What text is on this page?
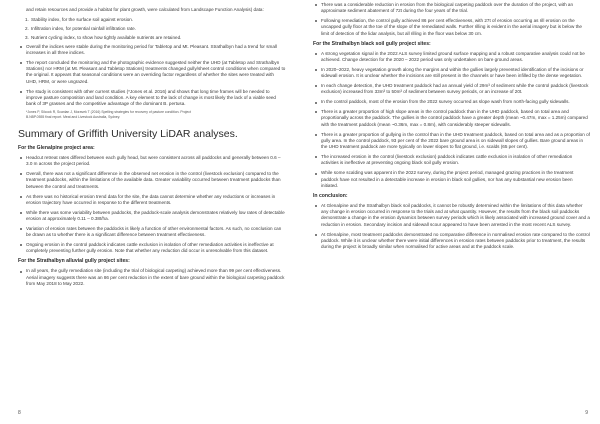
and retain resources and provide a habitat for plant growth, were calculated from Landscape Function Analysis) data:

1. Stability index, for the surface soil against erosion.
2. Infiltration index, for potential rainfall infiltration rate.
3. Nutrient cycling index, to show how tightly available nutrients are retained.
Overall the indices were stable during the monitoring period for Tabletop and Mt. Pleasant. Strathalbyn had a trend for small increases in all three indices.
The report concluded the monitoring and the photographic evidence suggested neither the UHD (at Tabletop and Strathalbyn Stations) nor HRM (at Mt. Pleasant and Tabletop Stations) treatments changed gully/sheet control conditions when compared to the original. It appears that seasonal conditions were an overriding factor regardless of whether the sites were treated with UHD, HRM, or were ungrazed.
The study is consistent with other current studies (*Jones et al. 2016) and shows that long time frames will be needed to improve pasture composition and land condition. A key element to the lack of change is most likely the lack of a viable seed bank of 3P grasses and the competitive advantage of the dominant B. pertusa.
*Jones P, Silcock R, Scanlan J, Moravek T (2016) Spelling strategies for recovery of pasture condition. Project
B.NBP.0555 final report. Meat and Livestock Australia, Sydney.
Summary of Griffith University LiDAR analyses.
For the Glenalpine project area:
Headcut retreat rates differed between each gully head, but were consistent across all paddocks and generally between 0.6 – 3.0 m across the project period.
Overall, there was not a significant difference in the observed net erosion in the control (livestock exclusion) compared to the treatment paddocks, within the limitations of the available data. Greater variability occurred between treatment paddocks than between the control and treatments.
As there was no historical erosion trend data for the site, the data cannot determine whether any reductions or increases in erosion trajectory have occurred in response to the different treatments.
While there was some variability between paddocks, the paddock-scale analysis demonstrates relatively low rates of detectable erosion at approximately 0.11 – 0.38t/ha.
Variation of erosion rates between the paddocks is likely a function of other environmental factors. As such, no conclusion can be drawn as to whether there is a significant difference between treatment effectiveness.
Ongoing erosion in the control paddock indicates cattle exclusion in isolation of other remediation activities is ineffective at completely preventing further gully erosion. Note that whether any reduction did occur is unresolvable from this dataset.
For the Strathalbyn alluvial gully project sites:
In all years, the gully remediation site (including the trial of biological carpeting) achieved more than 99 per cent effectiveness. Aerial imagery suggests there was an 86 per cent reduction in the extent of bare ground within the biological carpeting paddock from May 2018 to May 2022.
8
There was a considerable reduction in erosion from the biological carpeting paddock over the duration of the project, with an approximate sediment abatement of 72t during the four years of the trial.
Following remediation, the control gully achieved 86 per cent effectiveness, with 27t of erosion occurring as rill erosion on the uncapped gully floor at the toe of the slope of the remediated walls. Further rilling is evident in the aerial imagery but is below the limit of detection of the lidar analysis, but all rilling in the floor was below 30 cm.
For the Strathalbyn black soil gully project sites:
A strong vegetation signal in the 2022 ALS survey limited ground surface mapping and a robust comparative analysis could not be achieved. Change detection for the 2020 – 2022 period was only undertaken on bare ground areas.
In 2020–2022, heavy vegetation growth along the margins and within the gullies largely prevented identification of the incisions or sidewall erosion. It is unclear whether the incisions are still present in the channels or have been infilled by the dense vegetation.
In each change detection, the UHD treatment paddock had an annual yield of 29m³ of sediment while the control paddock (livestock exclusion) increased from 33m³ to 50m³ of sediment between survey periods, or an increase of 20t.
In the control paddock, most of the erosion from the 2022 survey occurred as slope wash from north-facing gully sidewalls.
There is a greater proportion of high slope areas in the control paddock than in the UHD paddock, based on total area and proportionally across the paddock. The gullies in the control paddock have a greater depth (mean ~0.47m, max = 1.25m) compared with the treatment paddock (mean ~0.36m, max = 0.8m), with considerably steeper sidewalls.
There is a greater proportion of gullying in the control than in the UHD treatment paddock, based on total area and as a proportion of gully area. In the control paddock, 93 per cent of the 2022 bare ground area is on sidewall slopes of gullies. Bare ground areas in the UHD treatment paddock are more typically on lower slopes to flat ground, i.e. scalds (65 per cent).
The increased erosion in the control (livestock exclusion) paddock indicates cattle exclusion in isolation of other remediation activities is ineffective at preventing ongoing black soil gully erosion.
While some scalding was apparent in the 2022 survey, during the project period, managed grazing practices in the treatment paddock have not resulted in a detectable increase in erosion in black soil gullies, nor has any substantial new erosion been initiated.
In conclusion:
At Glenalpine and the Strathalbyn black soil paddocks, it cannot be robustly determined within the limitations of this data whether any change in erosion occurred in response to the trials and at what quantity. However, the results from the black soil paddocks demonstrate a change in the erosion dynamics between survey periods which is likely associated with increased ground cover and a reduction in erosion. Secondary incision and sidewall scour appeared to have been arrested in the most recent ALS survey.
At Glenalpine, most treatment paddocks demonstrated no comparative difference in normalised erosion rate compared to the control paddock. While it is unclear whether there were initial differences in erosion rates between paddocks prior to treatment, the results during the project is broadly similar when normalised for active areas and at the paddock scale.
9
